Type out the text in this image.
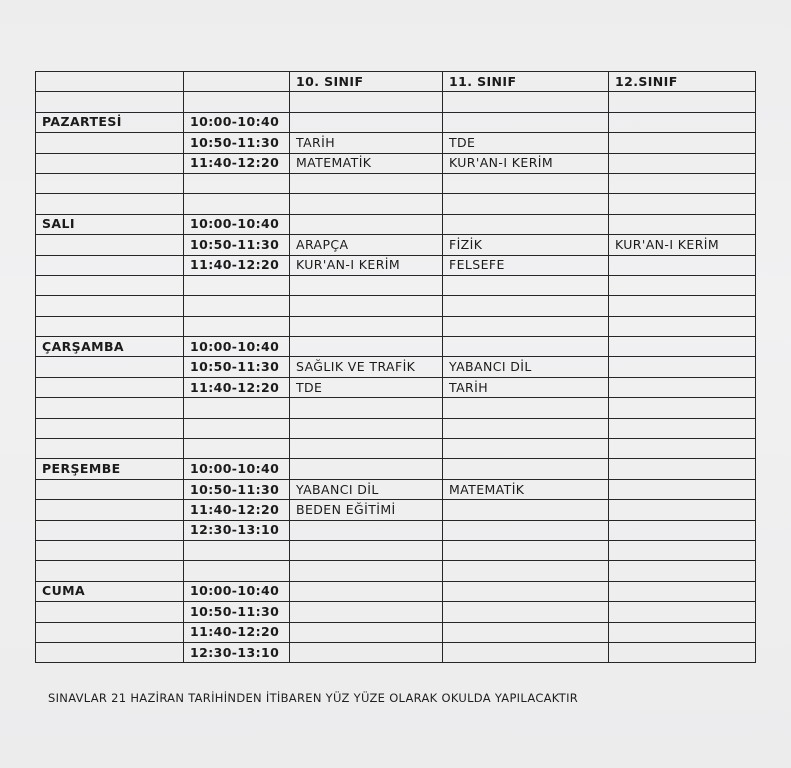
		10. SINIF	11. SINIF	12.SINIF

PAZARTESİ	10:00-10:40			
	10:50-11:30	TARİH	TDE	
	11:40-12:20	MATEMATİK	KUR'AN-I KERİM	

SALI	10:00-10:40			
	10:50-11:30	ARAPÇA	FİZİK	KUR'AN-I KERİM
	11:40-12:20	KUR'AN-I KERİM	FELSEFE	

ÇARŞAMBA	10:00-10:40			
	10:50-11:30	SAĞLIK VE TRAFİK	YABANCI DİL	
	11:40-12:20	TDE	TARİH	

PERŞEMBE	10:00-10:40			
	10:50-11:30	YABANCI DİL	MATEMATİK	
	11:40-12:20	BEDEN EĞİTİMİ		
	12:30-13:10			

CUMA	10:00-10:40			
	10:50-11:30			
	11:40-12:20			
	12:30-13:10			
SINAVLAR 21 HAZİRAN TARİHİNDEN İTİBAREN YÜZ YÜZE OLARAK OKULDA YAPILACAKTIR
